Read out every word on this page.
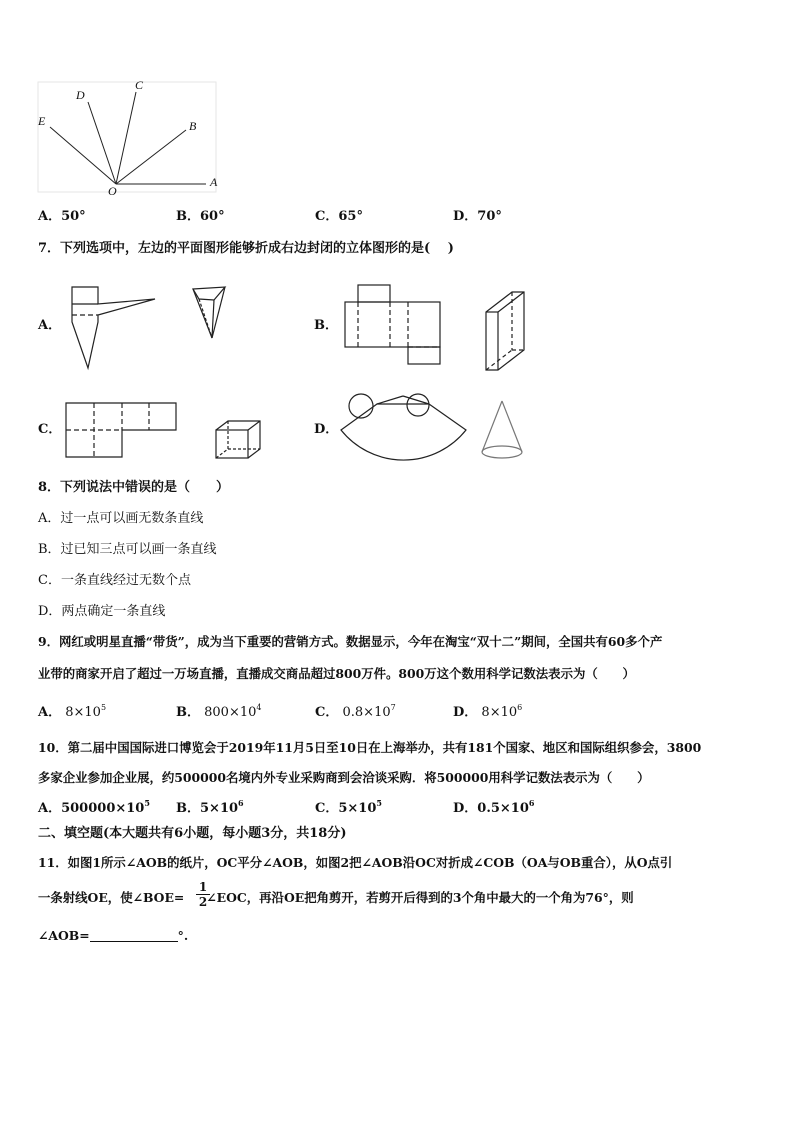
D
C
E	B
O
A
A．50°	B．60°	C．65°	D．70°
7．下列选项中，左边的平面图形能够折成右边封闭的立体图形的是(　 )
A．	B．
C．	D．
8．下列说法中错误的是（　　）
A．过一点可以画无数条直线
B．过已知三点可以画一条直线
C．一条直线经过无数个点
D．两点确定一条直线
9．网红或明星直播“带货”，成为当下重要的营销方式。数据显示，今年在淘宝“双十二”期间，全国共有60多个产
业带的商家开启了超过一万场直播，直播成交商品超过800万件。800万这个数用科学记数法表示为（　　）
A． $8\times 10^5$	B． $800\times 10^4$	C． $0.8\times 10^7$	D． $8\times 10^6$
10．第二届中国国际进口博览会于2019年11月5日至10日在上海举办，共有181个国家、地区和国际组织参会，3800
多家企业参加企业展，约500000名境内外专业采购商到会洽谈采购．将500000用科学记数法表示为（　　）
A．$500000\times 10^5$ B．$5\times 10^6$	C．$5\times 10^5$	D．$0.5\times 10^6$
二、填空题(本大题共有6小题，每小题3分，共18分)
11．如图1所示∠AOB的纸片，OC平分∠AOB，如图2把∠AOB沿OC对折成∠COB（OA与OB重合），从O点引
一条射线OE，使∠BOE= ∠EOC，再沿OE把角剪开，若剪开后得到的3个角中最大的一个角为76°，则
$\frac{1}{2}$
∠AOB=	°.
